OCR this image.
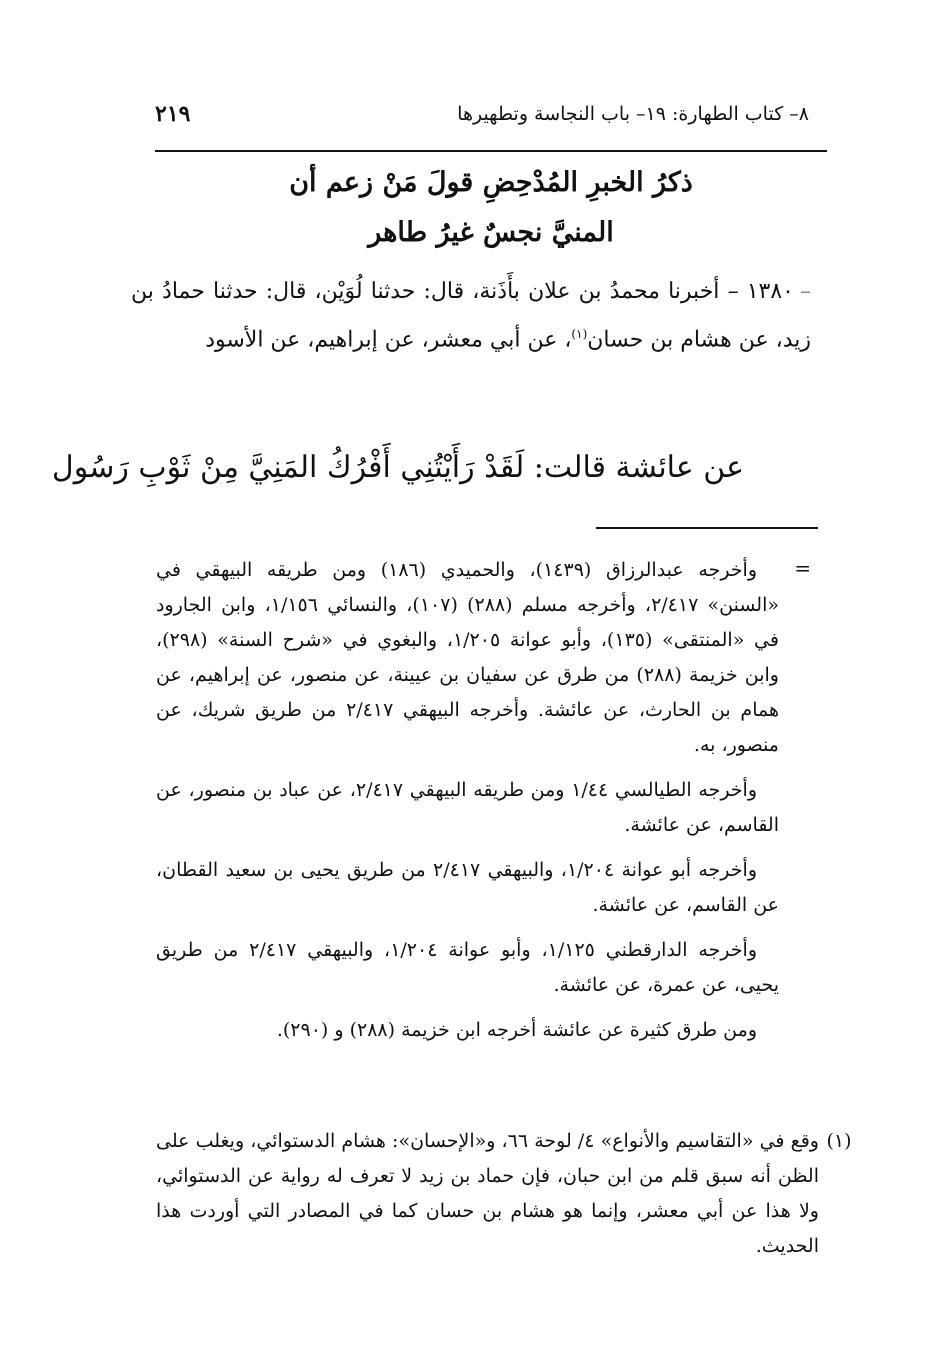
٨– كتاب الطهارة: ١٩– باب النجاسة وتطهيرها
٢١٩
ذكرُ الخبرِ المُدْحِضِ قولَ مَنْ زعم أن
المنيَّ نجسٌ غيرُ طاهر
–١٣٨٠ – أخبرنا محمدُ بن علان بأَذَنة، قال: حدثنا لُوَيْن، قال: حدثنا حمادُ بن زيد، عن هشام بن حسان$^{(١)}$، عن أبي معشر، عن إبراهيم، عن الأسود
عن عائشة قالت: لَقَدْ رَأَيْتُنِي أَفْرُكُ المَنِيَّ مِنْ ثَوْبِ رَسُول
=

وأخرجه عبدالرزاق (١٤٣٩)، والحميدي (١٨٦) ومن طريقه البيهقي في «السنن» ٢/٤١٧، وأخرجه مسلم (٢٨٨) (١٠٧)، والنسائي ١/١٥٦، وابن الجارود في «المنتقى» (١٣٥)، وأبو عوانة ١/٢٠٥، والبغوي في «شرح السنة» (٢٩٨)، وابن خزيمة (٢٨٨) من طرق عن سفيان بن عيينة، عن منصور، عن إبراهيم، عن همام بن الحارث، عن عائشة. وأخرجه البيهقي ٢/٤١٧ من طريق شريك، عن منصور، به.

وأخرجه الطيالسي ١/٤٤ ومن طريقه البيهقي ٢/٤١٧، عن عباد بن منصور، عن القاسم، عن عائشة.

وأخرجه أبو عوانة ١/٢٠٤، والبيهقي ٢/٤١٧ من طريق يحيى بن سعيد القطان، عن القاسم، عن عائشة.

وأخرجه الدارقطني ١/١٢٥، وأبو عوانة ١/٢٠٤، والبيهقي ٢/٤١٧ من طريق يحيى، عن عمرة، عن عائشة.

ومن طرق كثيرة عن عائشة أخرجه ابن خزيمة (٢٨٨) و (٢٩٠).

(١)
وقع في «التقاسيم والأنواع» ٤/ لوحة ٦٦، و«الإحسان»: هشام الدستوائي، ويغلب على الظن أنه سبق قلم من ابن حبان، فإن حماد بن زيد لا تعرف له رواية عن الدستوائي، ولا هذا عن أبي معشر، وإنما هو هشام بن حسان كما في المصادر التي أوردت هذا الحديث.
